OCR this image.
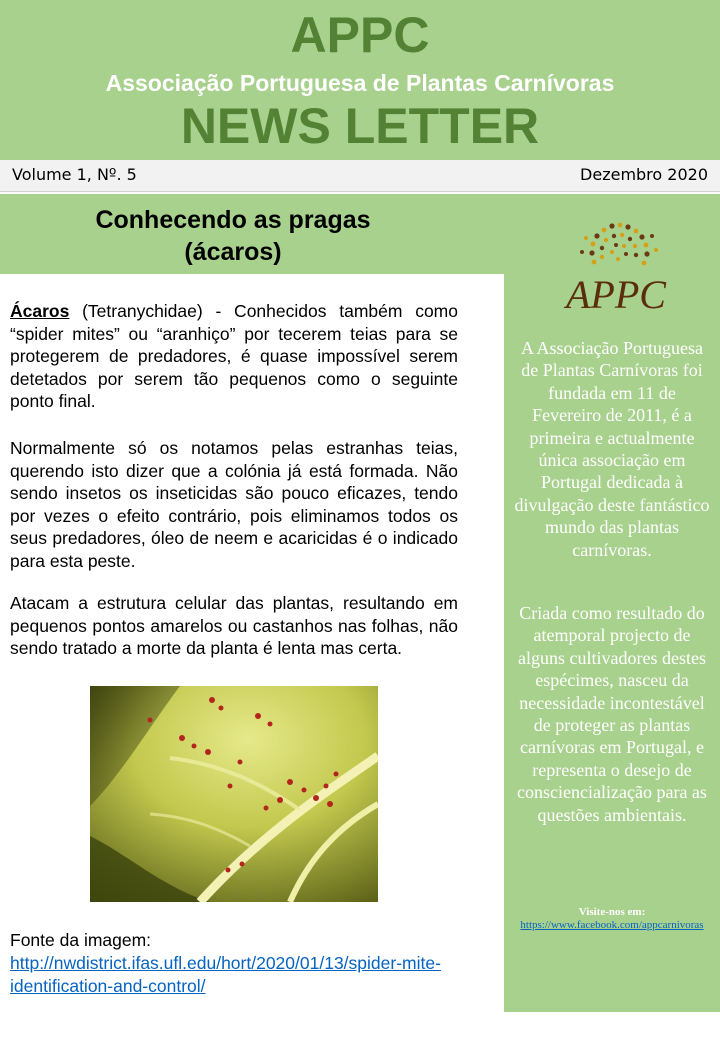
APPC
Associação Portuguesa de Plantas Carnívoras
NEWS LETTER
Volume 1, Nº. 5	Dezembro 2020
Conhecendo as pragas
(ácaros)
Ácaros (Tetranychidae) - Conhecidos também como “spider mites” ou “aranhiço” por tecerem teias para se protegerem de predadores, é quase impossível serem detetados por serem tão pequenos como o seguinte ponto final.
Normalmente só os notamos pelas estranhas teias, querendo isto dizer que a colónia já está formada. Não sendo insetos os inseticidas são pouco eficazes, tendo por vezes o efeito contrário, pois eliminamos todos os seus predadores, óleo de neem e acaricidas é o indicado para esta peste.
Atacam a estrutura celular das plantas, resultando em pequenos pontos amarelos ou castanhos nas folhas, não sendo tratado a morte da planta é lenta mas certa.
Fonte da imagem:
http://nwdistrict.ifas.ufl.edu/hort/2020/01/13/spider-mite-identification-and-control/
APPC
A Associação Portuguesa de Plantas Carnívoras foi fundada em 11 de Fevereiro de 2011, é a primeira e actualmente única associação em Portugal dedicada à divulgação deste fantástico mundo das plantas carnívoras.
Criada como resultado do atemporal projecto de alguns cultivadores destes espécimes, nasceu da necessidade incontestável de proteger as plantas carnívoras em Portugal, e representa o desejo de consciencialização para as questões ambientais.
Visite-nos em:
https://www.facebook.com/appcarnivoras
